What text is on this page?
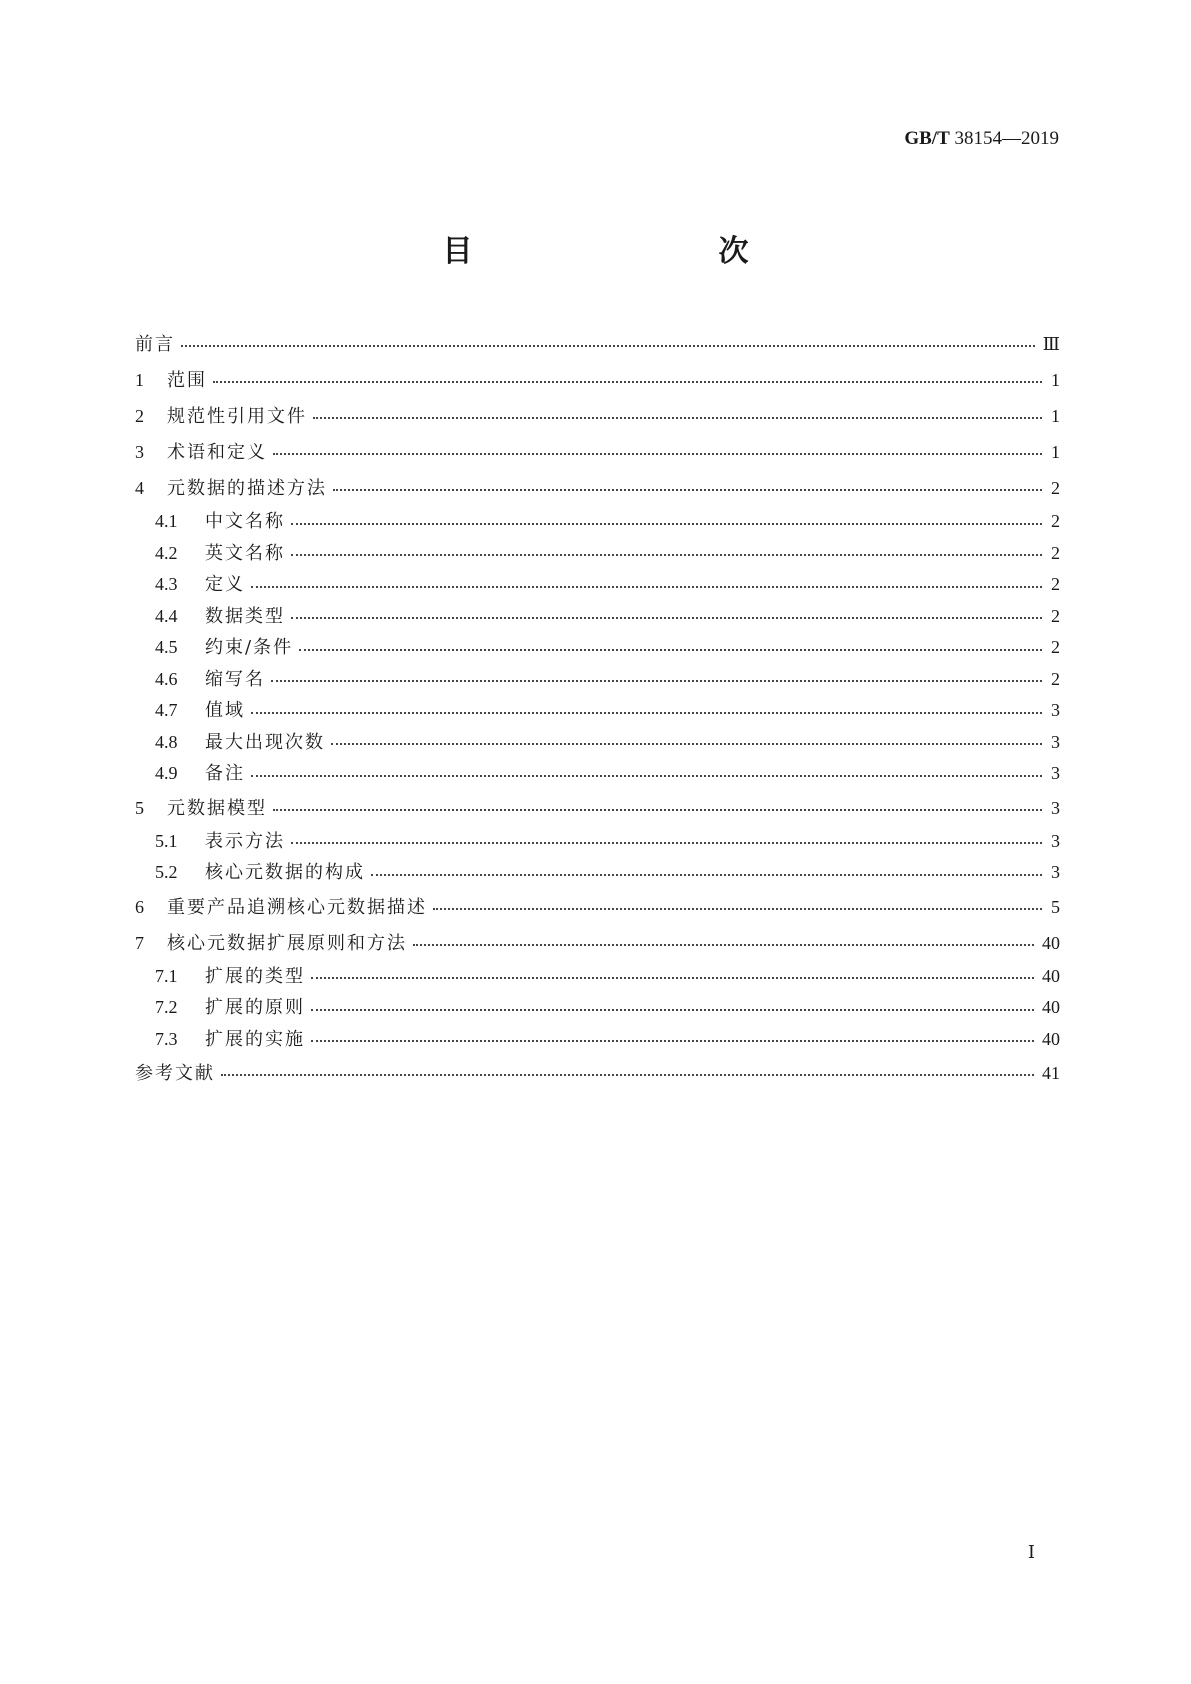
GB/T 38154—2019
目　　次
前言	Ⅲ
1	范围	1
2	规范性引用文件	1
3	术语和定义	1
4	元数据的描述方法	2
4.1	中文名称	2
4.2	英文名称	2
4.3	定义	2
4.4	数据类型	2
4.5	约束/条件	2
4.6	缩写名	2
4.7	值域	3
4.8	最大出现次数	3
4.9	备注	3
5	元数据模型	3
5.1	表示方法	3
5.2	核心元数据的构成	3
6	重要产品追溯核心元数据描述	5
7	核心元数据扩展原则和方法	40
7.1	扩展的类型	40
7.2	扩展的原则	40
7.3	扩展的实施	40
参考文献	41
Ⅰ
